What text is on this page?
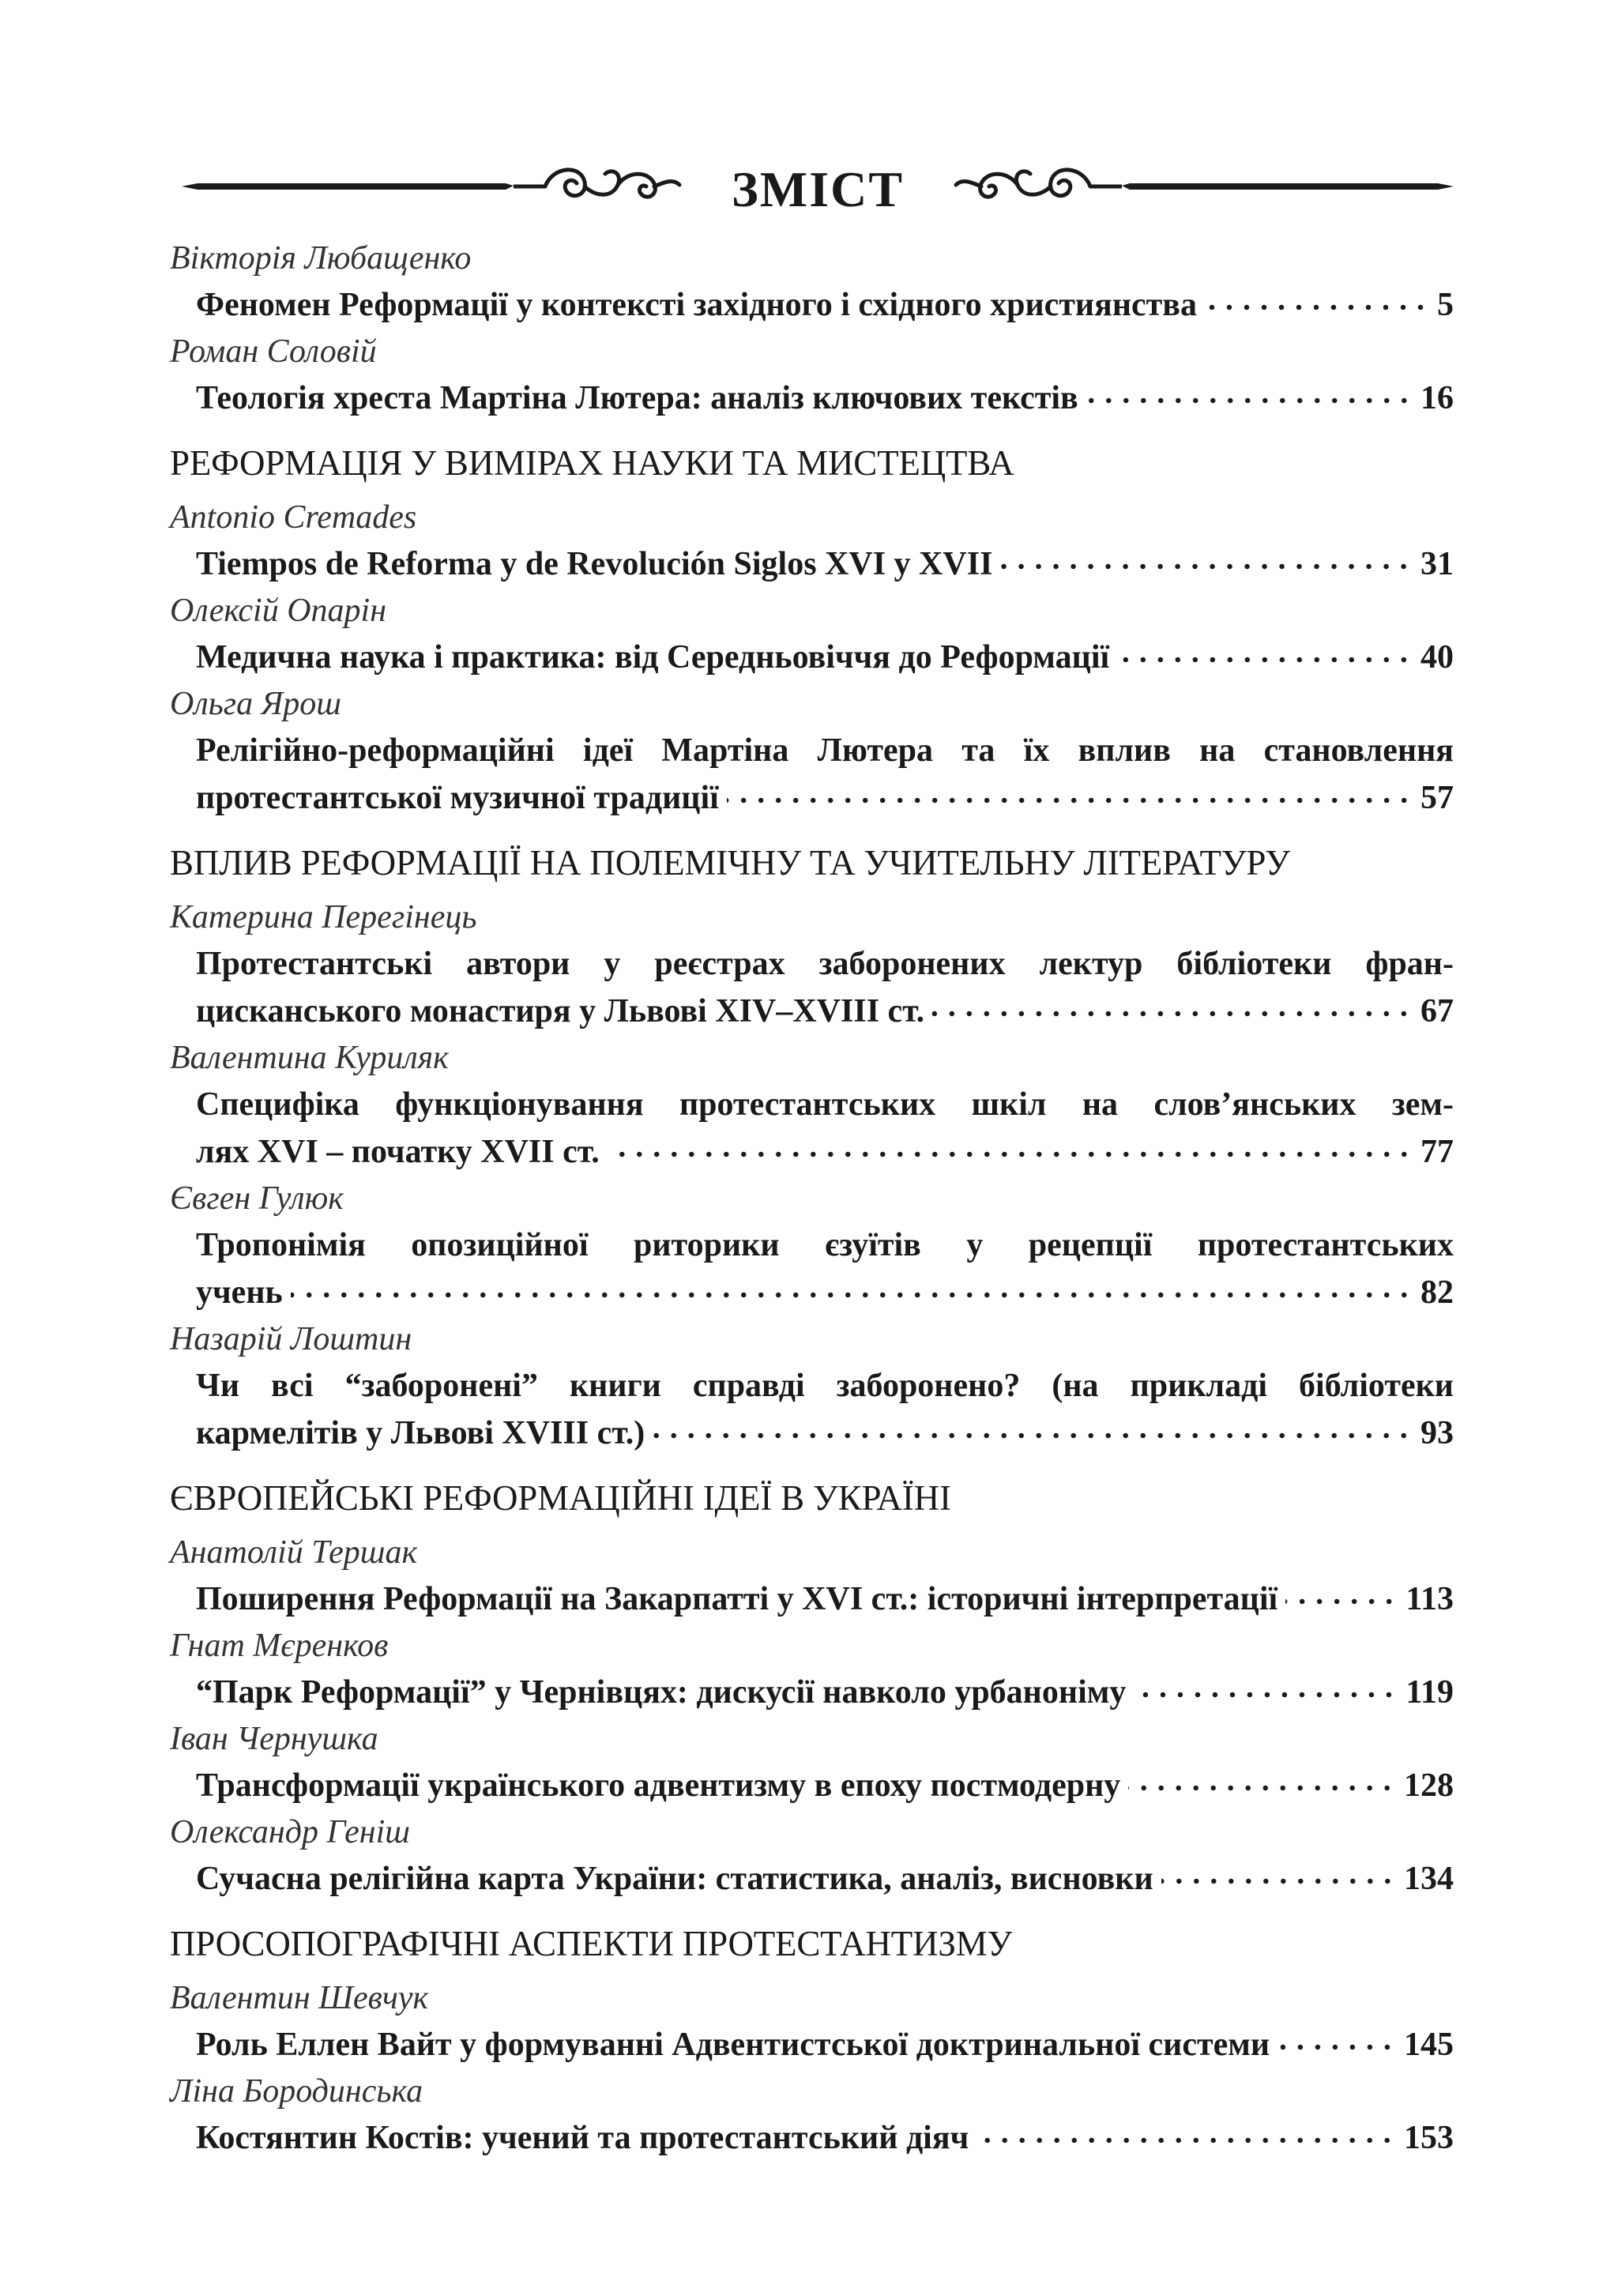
ЗМІСТ
Вікторія Любащенко
Феномен Реформації у контексті західного і східного християнства	5
Роман Соловій
Теологія хреста Мартіна Лютера: аналіз ключових текстів	16
РЕФОРМАЦІЯ У ВИМІРАХ НАУКИ ТА МИСТЕЦТВА
Antonio Cremades
Tiempos de Reforma y de Revolución Siglos XVI y XVII	31
Олексій Опарін
Медична наука і практика: від Середньовіччя до Реформації	40
Ольга Ярош
Релігійно-реформаційні ідеї Мартіна Лютера та їх вплив на становлення
протестантської музичної традиції	57
ВПЛИВ РЕФОРМАЦІЇ НА ПОЛЕМІЧНУ ТА УЧИТЕЛЬНУ ЛІТЕРАТУРУ
Катерина Перегінець
Протестантські автори у реєстрах заборонених лектур бібліотеки фран-
цисканського монастиря у Львові XIV–XVIII ст.	67
Валентина Куриляк
Специфіка функціонування протестантських шкіл на слов’янських зем-
лях XVI – початку XVII ст.	77
Євген Гулюк
Тропонімія опозиційної риторики єзуїтів у рецепції протестантських
учень	82
Назарій Лоштин
Чи всі “заборонені” книги справді заборонено? (на прикладі бібліотеки
кармелітів у Львові XVIII ст.)	93
ЄВРОПЕЙСЬКІ РЕФОРМАЦІЙНІ ІДЕЇ В УКРАЇНІ
Анатолій Тершак
Поширення Реформації на Закарпатті у XVI ст.: історичні інтерпретації	113
Гнат Мєренков
“Парк Реформації” у Чернівцях: дискусії навколо урбаноніму	119
Іван Чернушка
Трансформації українського адвентизму в епоху постмодерну	128
Олександр Геніш
Сучасна релігійна карта України: статистика, аналіз, висновки	134
ПРОСОПОГРАФІЧНІ АСПЕКТИ ПРОТЕСТАНТИЗМУ
Валентин Шевчук
Роль Еллен Вайт у формуванні Адвентистської доктринальної системи	145
Ліна Бородинська
Костянтин Костів: учений та протестантський діяч	153
